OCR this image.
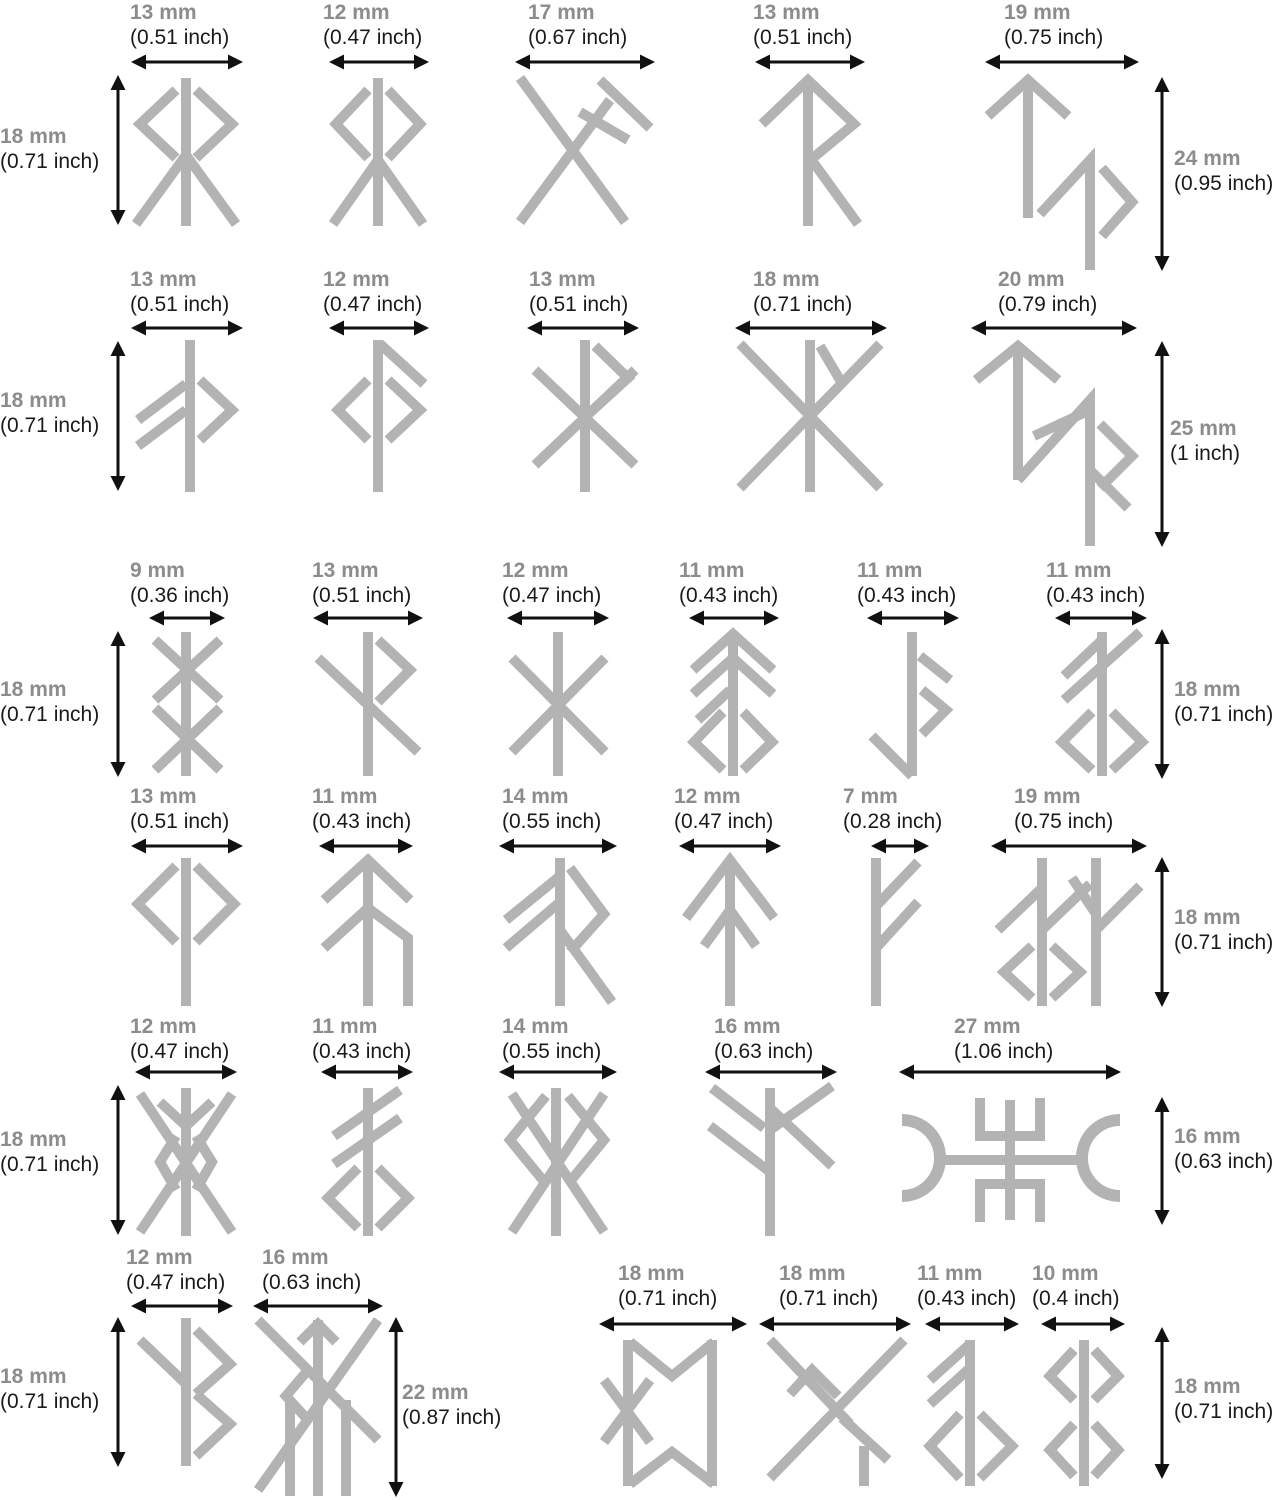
13 mm
(0.51 inch)
12 mm
(0.47 inch)
17 mm
(0.67 inch)
13 mm
(0.51 inch)
19 mm
(0.75 inch)
18 mm
(0.71 inch)	24 mm
(0.95 inch)
13 mm
(0.51 inch)
12 mm
(0.47 inch)
13 mm
(0.51 inch)
18 mm
(0.71 inch)
20 mm
(0.79 inch)
18 mm
(0.71 inch)	25 mm
(1 inch)
9 mm
(0.36 inch)
13 mm
(0.51 inch)
12 mm
(0.47 inch)
11 mm
(0.43 inch)
11 mm
(0.43 inch)
11 mm
(0.43 inch)
18 mm
(0.71 inch)
18 mm
(0.71 inch)
13 mm
(0.51 inch)
11 mm
(0.43 inch)
14 mm
(0.55 inch)
12 mm
(0.47 inch)
7 mm
(0.28 inch)
19 mm
(0.75 inch)
18 mm
(0.71 inch)
12 mm
(0.47 inch)
11 mm
(0.43 inch)
14 mm
(0.55 inch)
16 mm
(0.63 inch)
27 mm
(1.06 inch)
18 mm
(0.71 inch)
16 mm
(0.63 inch)
12 mm
(0.47 inch)
16 mm
(0.63 inch)	18 mm
(0.71 inch)
18 mm
(0.71 inch)
11 mm
(0.43 inch)
10 mm
(0.4 inch)
18 mm
(0.71 inch)	22 mm
(0.87 inch)
18 mm
(0.71 inch)
